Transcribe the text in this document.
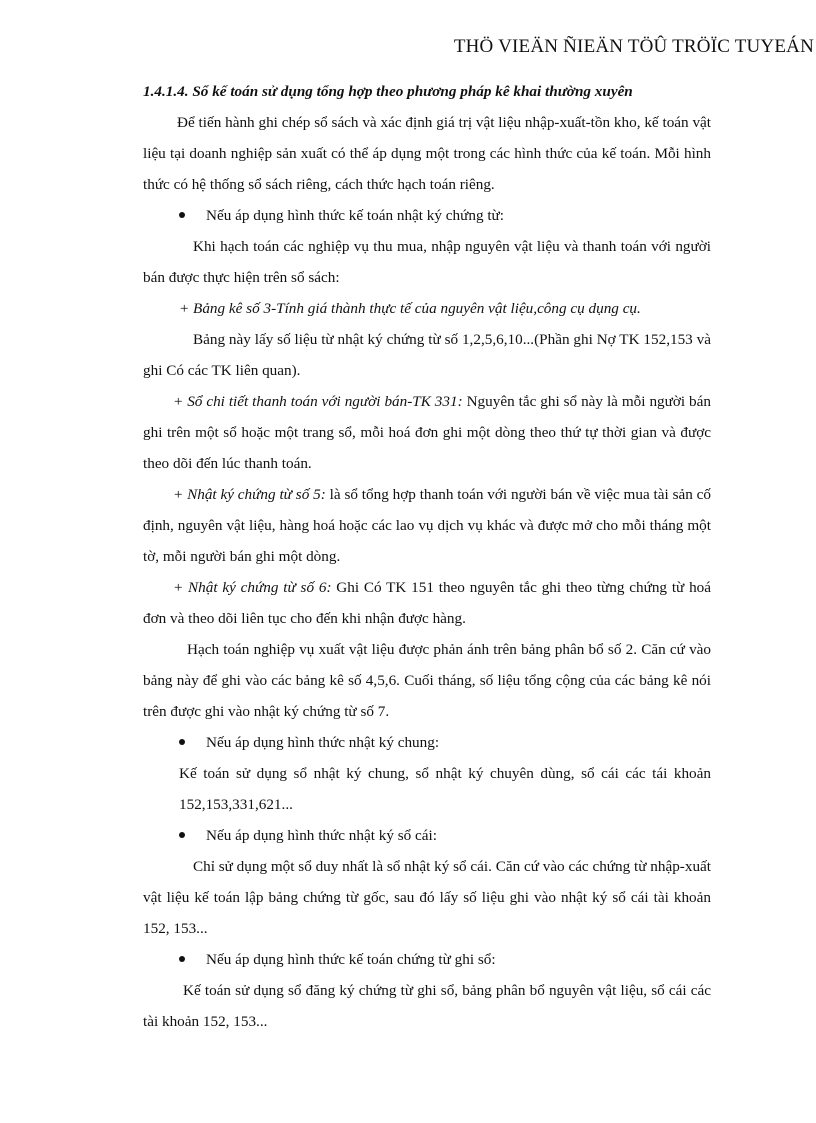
THÖ VIEÄN ÑIEÄN TÖÛ TRÖÏC TUYEÁN

1.4.1.4. Sổ kế toán sử dụng tổng hợp theo phương pháp kê khai thường xuyên

Để tiến hành ghi chép sổ sách và xác định giá trị vật liệu nhập-xuất-tồn kho, kế toán vật liệu tại doanh nghiệp sản xuất có thể áp dụng một trong các hình thức của kế toán. Mỗi hình thức có hệ thống sổ sách riêng, cách thức hạch toán riêng.

Nếu áp dụng hình thức kế toán nhật ký chứng từ:

Khi hạch toán các nghiệp vụ thu mua, nhập nguyên vật liệu và thanh toán với người bán được thực hiện trên sổ sách:

+ Bảng kê số 3-Tính giá thành thực tế của nguyên vật liệu,công cụ dụng cụ.

Bảng này lấy số liệu từ nhật ký chứng từ số 1,2,5,6,10...(Phần ghi Nợ TK 152,153 và ghi Có các TK liên quan).

+ Sổ chi tiết thanh toán với người bán-TK 331: Nguyên tắc ghi sổ này là mỗi người bán ghi trên một sổ hoặc một trang sổ, mỗi hoá đơn ghi một dòng theo thứ tự thời gian và được theo dõi đến lúc thanh toán.

+ Nhật ký chứng từ số 5: là sổ tổng hợp thanh toán với người bán về việc mua tài sản cố định, nguyên vật liệu, hàng hoá hoặc các lao vụ dịch vụ khác và được mở cho mỗi tháng một tờ, mỗi người bán ghi một dòng.

+ Nhật ký chứng từ số 6: Ghi Có TK 151 theo nguyên tắc ghi theo từng chứng từ hoá đơn và theo dõi liên tục cho đến khi nhận được hàng.

Hạch toán nghiệp vụ xuất vật liệu được phản ánh trên bảng phân bổ số 2. Căn cứ vào bảng này để ghi vào các bảng kê số 4,5,6. Cuối tháng, số liệu tổng cộng của các bảng kê nói trên được ghi vào nhật ký chứng từ số 7.

Nếu áp dụng hình thức nhật ký chung:

Kế toán sử dụng sổ nhật ký chung, sổ nhật ký chuyên dùng, sổ cái các tái khoản 152,153,331,621...

Nếu áp dụng hình thức nhật ký sổ cái:

Chỉ sử dụng một sổ duy nhất là sổ nhật ký sổ cái. Căn cứ vào các chứng từ nhập-xuất vật liệu kế toán lập bảng chứng từ gốc, sau đó lấy số liệu ghi vào nhật ký sổ cái tài khoản 152, 153...

Nếu áp dụng hình thức kế toán chứng từ ghi sổ:

Kế toán sử dụng sổ đăng ký chứng từ ghi sổ, bảng phân bổ nguyên vật liệu, sổ cái các tài khoản 152, 153...
